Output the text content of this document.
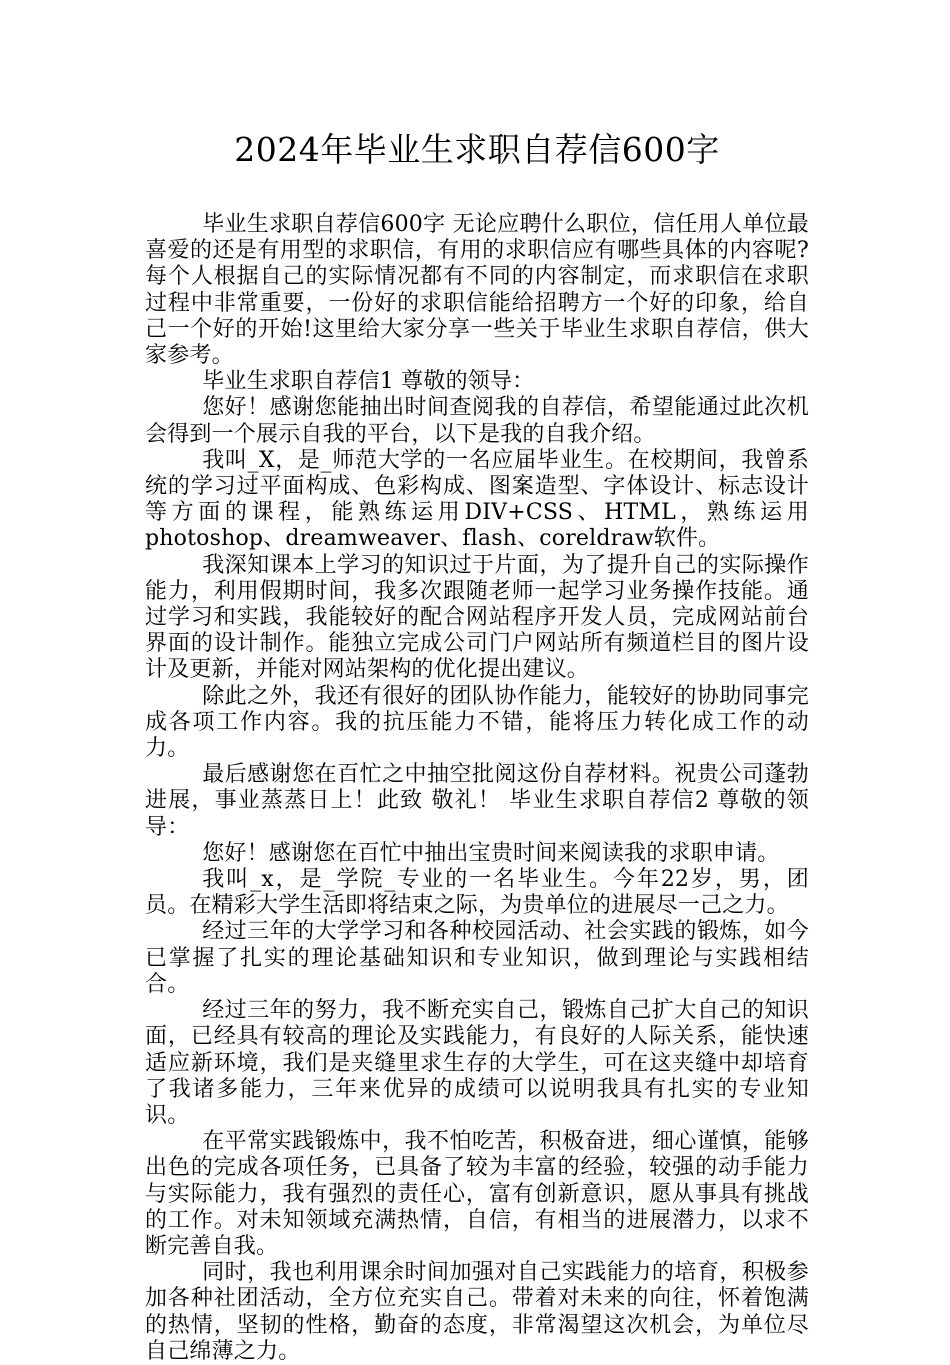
2024年毕业生求职自荐信600字

毕业生求职自荐信600字 无论应聘什么职位，信任用人单位最喜爱的还是有用型的求职信，有用的求职信应有哪些具体的内容呢?每个人根据自己的实际情况都有不同的内容制定，而求职信在求职过程中非常重要，一份好的求职信能给招聘方一个好的印象，给自己一个好的开始!这里给大家分享一些关于毕业生求职自荐信，供大家参考。

毕业生求职自荐信1 尊敬的领导：

您好！感谢您能抽出时间查阅我的自荐信，希望能通过此次机会得到一个展示自我的平台，以下是我的自我介绍。

我叫_X，是_师范大学的一名应届毕业生。在校期间，我曾系统的学习过平面构成、色彩构成、图案造型、字体设计、标志设计等方面的课程，能熟练运用DIV+CSS、HTML，熟练运用photoshop、dreamweaver、flash、coreldraw软件。

我深知课本上学习的知识过于片面，为了提升自己的实际操作能力，利用假期时间，我多次跟随老师一起学习业务操作技能。通过学习和实践，我能较好的配合网站程序开发人员，完成网站前台界面的设计制作。能独立完成公司门户网站所有频道栏目的图片设计及更新，并能对网站架构的优化提出建议。

除此之外，我还有很好的团队协作能力，能较好的协助同事完成各项工作内容。我的抗压能力不错，能将压力转化成工作的动力。

最后感谢您在百忙之中抽空批阅这份自荐材料。祝贵公司蓬勃进展，事业蒸蒸日上！此致 敬礼！ 毕业生求职自荐信2 尊敬的领导：

您好！感谢您在百忙中抽出宝贵时间来阅读我的求职申请。

我叫_x，是_学院_专业的一名毕业生。今年22岁，男，团员。在精彩大学生活即将结束之际，为贵单位的进展尽一己之力。

经过三年的大学学习和各种校园活动、社会实践的锻炼，如今已掌握了扎实的理论基础知识和专业知识，做到理论与实践相结合。

经过三年的努力，我不断充实自己，锻炼自己扩大自己的知识面，已经具有较高的理论及实践能力，有良好的人际关系，能快速适应新环境，我们是夹缝里求生存的大学生，可在这夹缝中却培育了我诸多能力，三年来优异的成绩可以说明我具有扎实的专业知识。

在平常实践锻炼中，我不怕吃苦，积极奋进，细心谨慎，能够出色的完成各项任务，已具备了较为丰富的经验，较强的动手能力与实际能力，我有强烈的责任心，富有创新意识，愿从事具有挑战的工作。对未知领域充满热情，自信，有相当的进展潜力，以求不断完善自我。

同时，我也利用课余时间加强对自己实践能力的培育，积极参加各种社团活动，全方位充实自己。带着对未来的向往，怀着饱满的热情，坚韧的性格，勤奋的态度，非常渴望这次机会，为单位尽自己绵薄之力。
